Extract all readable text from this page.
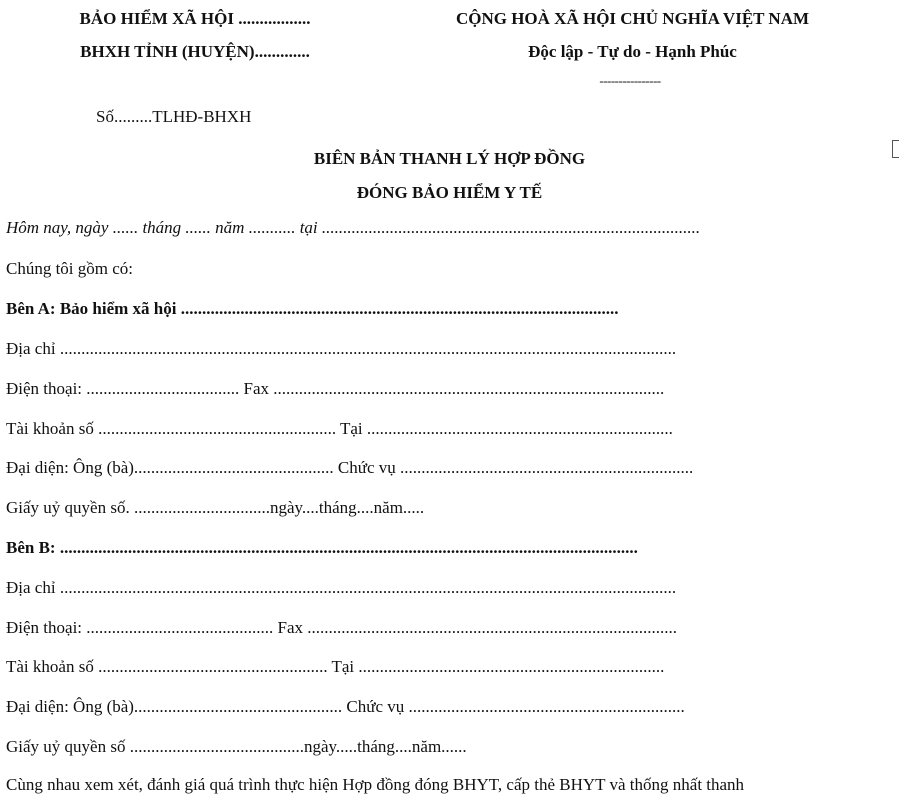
BẢO HIỂM XÃ HỘI .................
BHXH TỈNH (HUYỆN).............
CỘNG HOÀ XÃ HỘI CHỦ NGHĨA VIỆT NAM
Độc lập - Tự do - Hạnh Phúc
----------------
Số.........TLHĐ-BHXH
BIÊN BẢN THANH LÝ HỢP ĐỒNG
ĐÓNG BẢO HIỂM Y TẾ
Hôm nay, ngày ...... tháng ...... năm ........... tại .........................................................................................
Chúng tôi gồm có:
Bên A: Bảo hiểm xã hội .......................................................................................................
Địa chỉ .................................................................................................................................................
Điện thoại: .................................... Fax ............................................................................................
Tài khoản số ........................................................ Tại ........................................................................
Đại diện: Ông (bà)............................................... Chức vụ .....................................................................
Giấy uỷ quyền số. ................................ngày....tháng....năm.....
Bên B: ........................................................................................................................................
Địa chỉ .................................................................................................................................................
Điện thoại: ............................................ Fax .......................................................................................
Tài khoản số ...................................................... Tại ........................................................................
Đại diện: Ông (bà)................................................. Chức vụ .................................................................
Giấy uỷ quyền số .........................................ngày.....tháng....năm......
Cùng nhau xem xét, đánh giá quá trình thực hiện Hợp đồng đóng BHYT, cấp thẻ BHYT và thống nhất thanh
